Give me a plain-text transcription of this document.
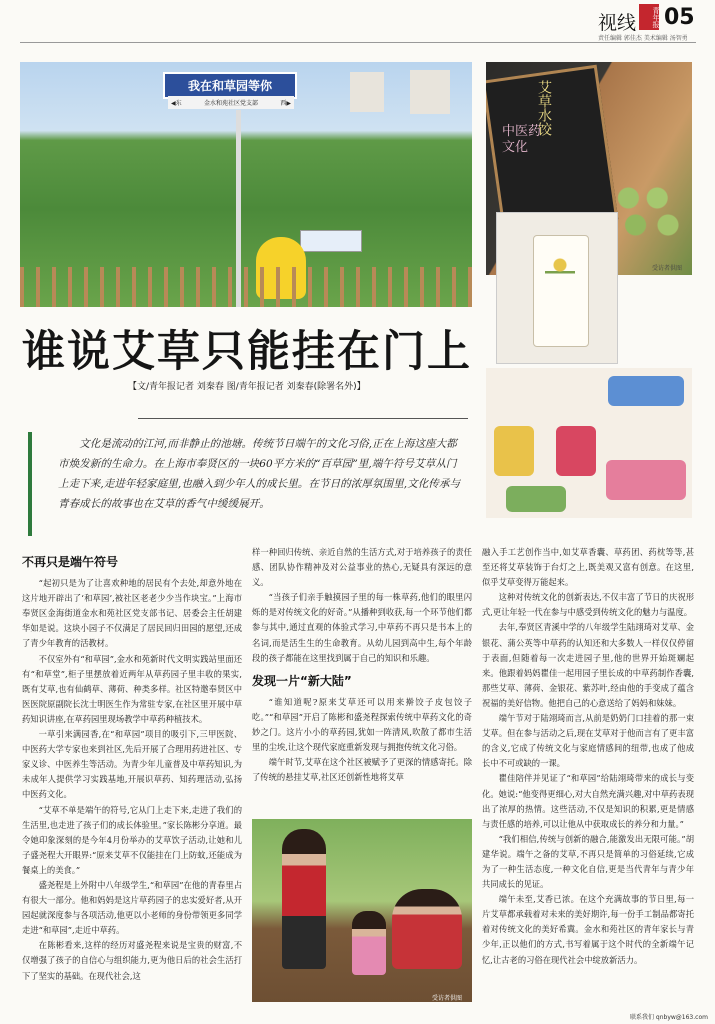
视线	青年报 05
责任编辑 郭佳杰 美术编辑 汤智勇
我在和草园等你
◀东	金水和苑社区党支部	西▶	艾草水饺
中医药文化
受访者供图
谁说艾草只能挂在门上
【文/青年报记者 刘秦春 图/青年报记者 刘秦春(除署名外)】
文化是流动的江河,而非静止的池塘。传统节日端午的文化习俗,正在上海这座大都市焕发新的生命力。在上海市奉贤区的一块60平方米的“百草园”里,端午符号艾草从门上走下来,走进年轻家庭里,也融入到少年人的成长里。在节日的浓厚氛围里,文化传承与青春成长的故事也在艾草的香气中缓缓展开。
不再只是端午符号

“起初只是为了让喜欢种地的居民有个去处,却意外地在这片地开辟出了‘和草园’,被社区老老少少当作块宝。”上海市奉贤区金海街道金水和苑社区党支部书记、居委会主任胡建华如是说。这块小园子不仅满足了居民回归田园的愿望,还成了青少年教育的活教材。

不仅室外有“和草园”,金水和苑新时代文明实践站里面还有“和草堂”,柜子里摆放着近两年从草药园子里丰收的果实,既有艾草,也有仙鹤草、薄荷、种类多样。社区特邀奉贤区中医医院原副院长沈士明医生作为常驻专家,在社区里开展中草药知识讲座,在草药园里现场教学中草药种植技术。

一草引来满园香,在“和草园”项目的吸引下,三甲医院、中医药大学专家也来到社区,先后开展了合理用药进社区、专家义诊、中医养生等活动。为青少年儿童普及中草药知识,为未成年人提供学习实践基地,开展识草药、知药理活动,弘扬中医药文化。

“艾草不单是端午的符号,它从门上走下来,走进了我们的生活里,也走进了孩子们的成长体验里。”家长陈彬分享道。最令她印象深刻的是今年4月份举办的艾草饮子活动,让她和儿子盛尧程大开眼界:“原来艾草不仅能挂在门上防蚊,还能成为餐桌上的美食。”

盛尧程是上外附中八年级学生,“和草园”在他的青春里占有很大一部分。他和妈妈是这片草药园子的忠实爱好者,从开园起就深度参与各项活动,他更以小老师的身份带领更多同学走进“和草园”,走近中草药。

在陈彬看来,这样的经历对盛尧程来说是宝贵的财富,不仅增强了孩子的自信心与组织能力,更为他日后的社会生活打下了坚实的基础。在现代社会,这

样一种回归传统、亲近自然的生活方式,对于培养孩子的责任感、团队协作精神及对公益事业的热心,无疑具有深远的意义。

“当孩子们亲手触摸园子里的每一株草药,他们的眼里闪烁的是对传统文化的好奇。”从播种到收获,每一个环节他们都参与其中,通过直观的体验式学习,中草药不再只是书本上的名词,而是活生生的生命教育。从幼儿园到高中生,每个年龄段的孩子都能在这里找到属于自己的知识和乐趣。

发现一片“新大陆”

“谁知道呢?原来艾草还可以用来擀饺子皮包饺子吃。”“和草园”开启了陈彬和盛尧程探索传统中草药文化的奇妙之门。这片小小的草药园,犹如一阵清风,吹散了都市生活里的尘埃,让这个现代家庭重新发现与拥抱传统文化习俗。

端午时节,艾草在这个社区被赋予了更深的情感寄托。除了传统的悬挂艾草,社区还创新性地将艾草

受访者供图

融入手工艺创作当中,如艾草香囊、草药团、药枕等等,甚至还将艾草装饰于台灯之上,既美观又富有创意。在这里,似乎艾草变得万能起来。

这种对传统文化的创新表达,不仅丰富了节日的庆祝形式,更让年轻一代在参与中感受到传统文化的魅力与温度。

去年,奉贤区青溪中学的八年级学生陆翊琦对艾草、金银花、蒲公英等中草药的认知还和大多数人一样仅仅停留于表面,但随着每一次走进园子里,他的世界开始斑斓起来。他跟着妈妈瞿佳一起用园子里长成的中草药制作香囊,那些艾草、薄荷、金银花、紫苏叶,经由他的手变成了蕴含祝福的美好信物。他把自己的心意送给了妈妈和妹妹。

端午节对于陆翊琦而言,从前是奶奶门口挂着的那一束艾草。但在参与活动之后,现在艾草对于他而言有了更丰富的含义,它成了传统文化与家庭情感间的纽带,也成了他成长中不可或缺的一课。

瞿佳陪伴并见证了“和草园”给陆翊琦带来的成长与变化。她说:“他变得更细心,对大自然充满兴趣,对中草药表现出了浓厚的热情。这些活动,不仅是知识的积累,更是情感与责任感的培养,可以让他从中获取成长的养分和力量。”

“我们相信,传统与创新的融合,能激发出无限可能。”胡建华说。端午之备的艾草,不再只是简单的习俗延续,它成为了一种生活态度,一种文化自信,更是当代青年与青少年共同成长的见证。

端午未至,艾香已浓。在这个充满故事的节日里,每一片艾草都承载着对未来的美好期许,每一份手工制品都寄托着对传统文化的美好希冀。金水和苑社区的青年家长与青少年,正以他们的方式,书写着属于这个时代的全新端午记忆,让古老的习俗在现代社会中绽放新活力。

联系我们 qnbyw@163.com
